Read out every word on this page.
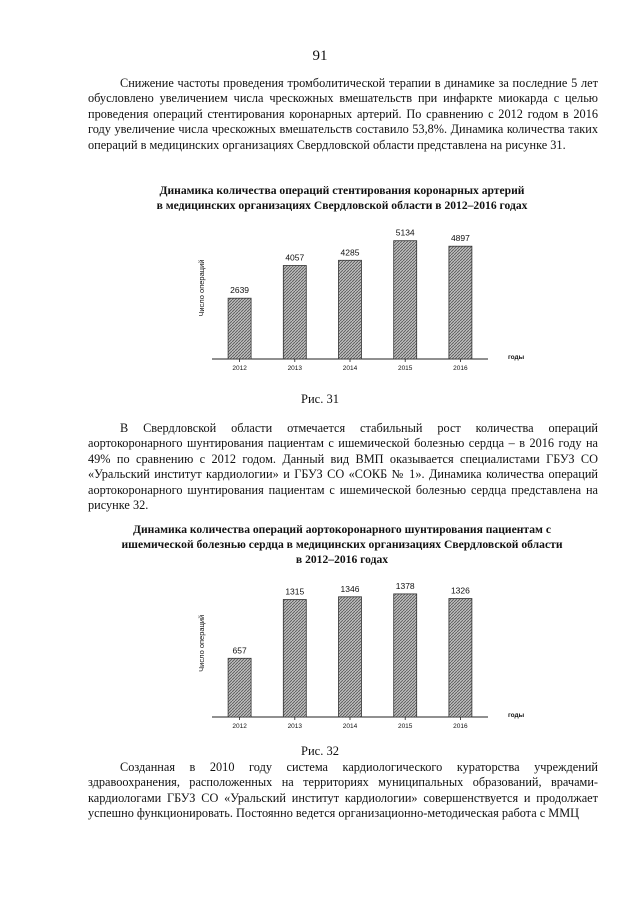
91

Снижение частоты проведения тромболитической терапии в динамике за последние 5 лет обусловлено увеличением числа чрескожных вмешательств при инфаркте миокарда с целью проведения операций стентирования коронарных артерий. По сравнению с 2012 годом в 2016 году увеличение числа чрескожных вмешательств составило 53,8%. Динамика количества таких операций в медицинских организациях Свердловской области представлена на рисунке 31.

Динамика количества операций стентирования коронарных артерий
в медицинских организациях Свердловской области в 2012–2016 годах
2639
2012
4057
2013
4285
2014
5134
2015
4897
2016
годы
Число операций
Рис. 31

В Свердловской области отмечается стабильный рост количества операций аортокоронарного шунтирования пациентам с ишемической болезнью сердца – в 2016 году на 49% по сравнению с 2012 годом. Данный вид ВМП оказывается специалистами ГБУЗ СО «Уральский институт кардиологии» и ГБУЗ СО «СОКБ № 1». Динамика количества операций аортокоронарного шунтирования пациентам с ишемической болезнью сердца представлена на рисунке 32.

Динамика количества операций аортокоронарного шунтирования пациентам с
ишемической болезнью сердца в медицинских организациях Свердловской области
в 2012–2016 годах
657
2012
1315
2013
1346
2014
1378
2015
1326
2016
годы
Число операций
Рис. 32

Созданная в 2010 году система кардиологического кураторства учреждений здравоохранения, расположенных на территориях муниципальных образований, врачами-кардиологами ГБУЗ СО «Уральский институт кардиологии» совершенствуется и продолжает успешно функционировать. Постоянно ведется организационно-методическая работа с ММЦ
